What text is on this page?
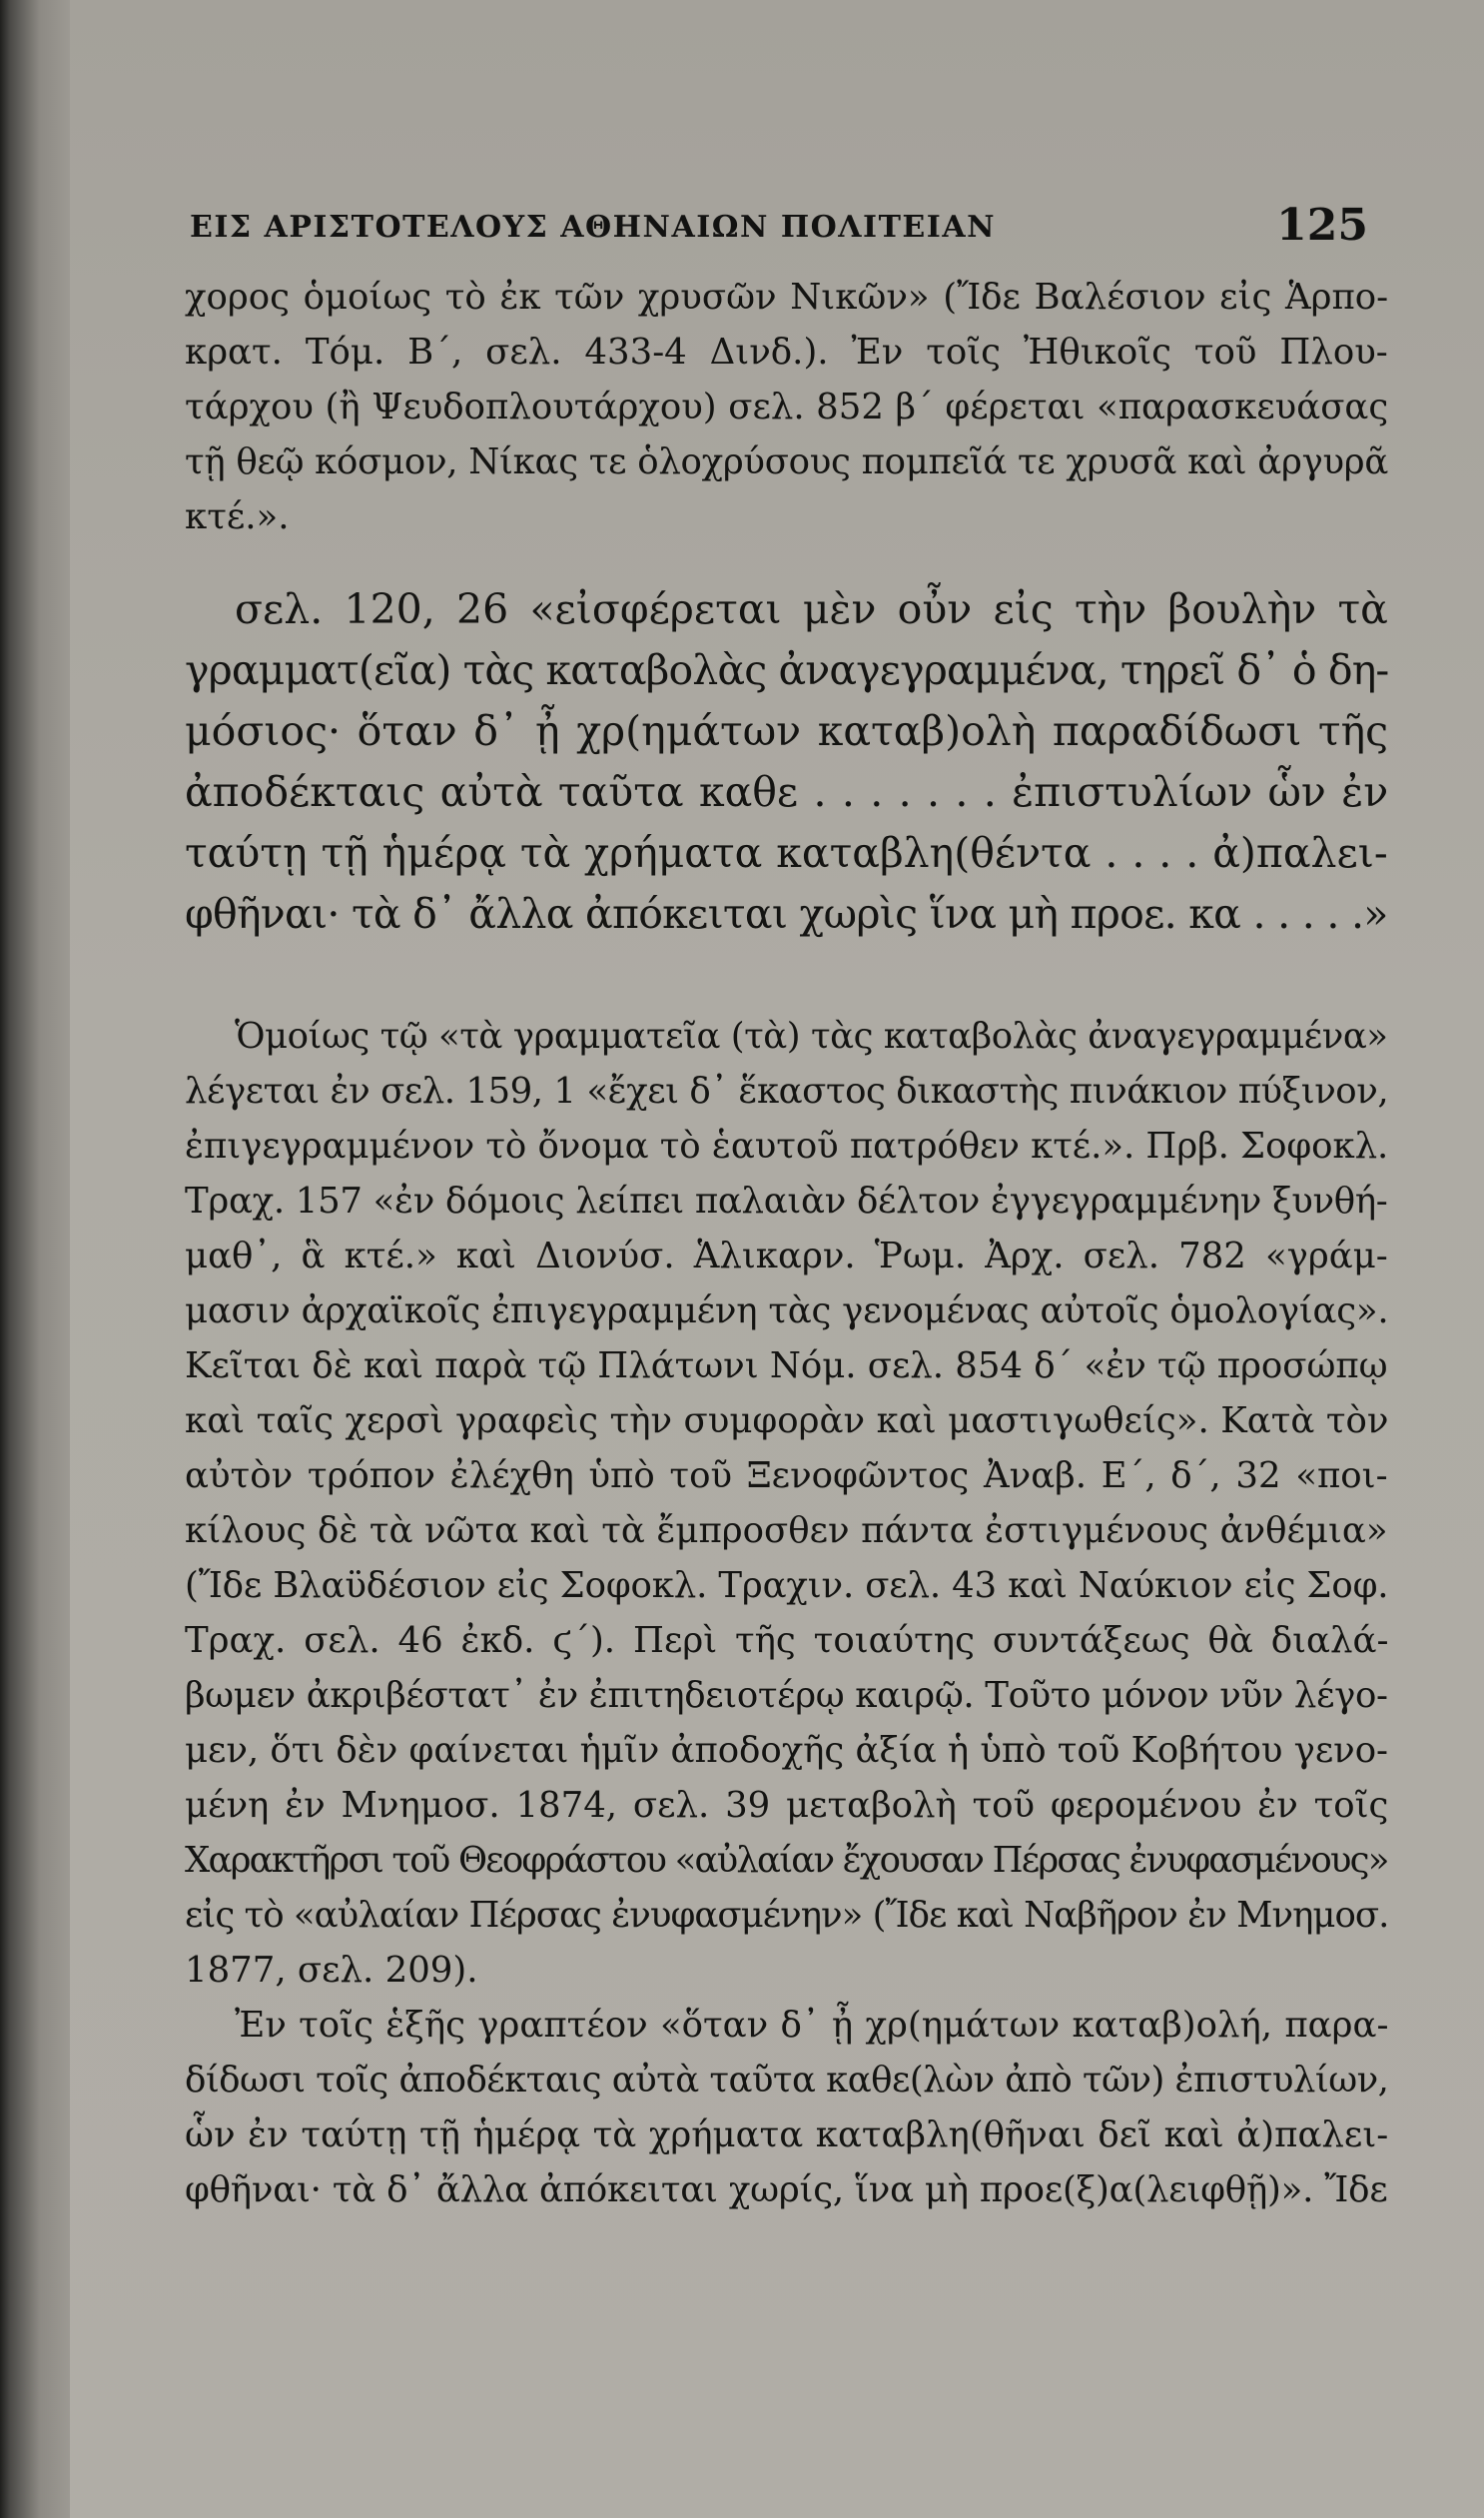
ΕΙΣ ΑΡΙΣΤΟΤΕΛΟΥΣ ΑΘΗΝΑΙΩΝ ΠΟΛΙΤΕΙΑΝ	125
χορος ὁμοίως τὸ ἐκ τῶν χρυσῶν Νικῶν» (Ἴδε Βαλέσιον εἰς Ἁρπο-
κρατ. Τόμ. Β΄, σελ. 433-4 Δινδ.). Ἐν τοῖς Ἠθικοῖς τοῦ Πλου-
τάρχου (ἢ Ψευδοπλουτάρχου) σελ. 852 β΄ φέρεται «παρασκευάσας
τῇ θεῷ κόσμον, Νίκας τε ὁλοχρύσους πομπεῖά τε χρυσᾶ καὶ ἀργυρᾶ
κτέ.».
σελ. 120, 26 «εἰσφέρεται μὲν οὖν εἰς τὴν βουλὴν τὰ
γραμματ(εῖα) τὰς καταβολὰς ἀναγεγραμμένα, τηρεῖ δ᾽ ὁ δη-
μόσιος· ὅταν δ᾽ ᾖ χρ(ημάτων καταβ)ολὴ παραδίδωσι τῆς
ἀποδέκταις αὐτὰ ταῦτα καθε . . . . . . . ἐπιστυλίων ὧν ἐν
ταύτῃ τῇ ἡμέρᾳ τὰ χρήματα καταβλη(θέντα . . . . ἀ)παλει-
φθῆναι· τὰ δ᾽ ἄλλα ἀπόκειται χωρὶς ἵνα μὴ προε. κα . . . . .»
Ὁμοίως τῷ «τὰ γραμματεῖα (τὰ) τὰς καταβολὰς ἀναγεγραμμένα»
λέγεται ἐν σελ. 159, 1 «ἔχει δ᾽ ἕκαστος δικαστὴς πινάκιον πύξινον,
ἐπιγεγραμμένον τὸ ὄνομα τὸ ἑαυτοῦ πατρόθεν κτέ.». Πρβ. Σοφοκλ.
Τραχ. 157 «ἐν δόμοις λείπει παλαιὰν δέλτον ἐγγεγραμμένην ξυνθή-
μαθ᾽, ἃ κτέ.» καὶ Διονύσ. Ἁλικαρν. Ῥωμ. Ἀρχ. σελ. 782 «γράμ-
μασιν ἀρχαϊκοῖς ἐπιγεγραμμένη τὰς γενομένας αὐτοῖς ὁμολογίας».
Κεῖται δὲ καὶ παρὰ τῷ Πλάτωνι Νόμ. σελ. 854 δ΄ «ἐν τῷ προσώπῳ
καὶ ταῖς χερσὶ γραφεὶς τὴν συμφορὰν καὶ μαστιγωθείς». Κατὰ τὸν
αὐτὸν τρόπον ἐλέχθη ὑπὸ τοῦ Ξενοφῶντος Ἀναβ. Ε΄, δ΄, 32 «ποι-
κίλους δὲ τὰ νῶτα καὶ τὰ ἔμπροσθεν πάντα ἐστιγμένους ἀνθέμια»
(Ἴδε Βλαϋδέσιον εἰς Σοφοκλ. Τραχιν. σελ. 43 καὶ Ναύκιον εἰς Σοφ.
Τραχ. σελ. 46 ἐκδ. ϛ΄). Περὶ τῆς τοιαύτης συντάξεως θὰ διαλά-
βωμεν ἀκριβέστατ᾽ ἐν ἐπιτηδειοτέρῳ καιρῷ. Τοῦτο μόνον νῦν λέγο-
μεν, ὅτι δὲν φαίνεται ἡμῖν ἀποδοχῆς ἀξία ἡ ὑπὸ τοῦ Κοβήτου γενο-
μένη ἐν Μνημοσ. 1874, σελ. 39 μεταβολὴ τοῦ φερομένου ἐν τοῖς
Χαρακτῆρσι τοῦ Θεοφράστου «αὐλαίαν ἔχουσαν Πέρσας ἐνυφασμένους»
εἰς τὸ «αὐλαίαν Πέρσας ἐνυφασμένην» (Ἴδε καὶ Ναβῆρον ἐν Μνημοσ.
1877, σελ. 209).
Ἐν τοῖς ἑξῆς γραπτέον «ὅταν δ᾽ ᾖ χρ(ημάτων καταβ)ολή, παρα-
δίδωσι τοῖς ἀποδέκταις αὐτὰ ταῦτα καθε(λὼν ἀπὸ τῶν) ἐπιστυλίων,
ὧν ἐν ταύτῃ τῇ ἡμέρᾳ τὰ χρήματα καταβλη(θῆναι δεῖ καὶ ἀ)παλει-
φθῆναι· τὰ δ᾽ ἄλλα ἀπόκειται χωρίς, ἵνα μὴ προε(ξ)α(λειφθῇ)». Ἴδε
